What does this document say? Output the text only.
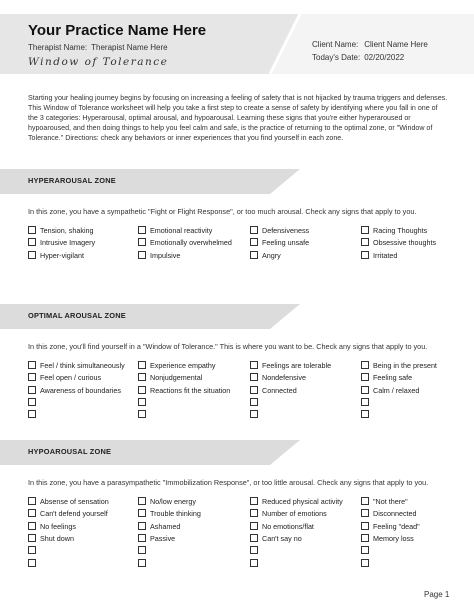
Your Practice Name Here
Therapist Name: Therapist Name Here
Window of Tolerance
Client Name: Client Name Here
Today's Date: 02/20/2022
Starting your healing journey begins by focusing on increasing a feeling of safety that is not hijacked by trauma triggers and defenses. This Window of Tolerance worksheet will help you take a first step to create a sense of safety by identifying where you fall in one of the 3 categories: Hyperarousal, optimal arousal, and hypoarousal. Learning these signs that you're either hyperaroused or hypoaroused, and then doing things to help you feel calm and safe, is the practice of returning to the optimal zone, or "Window of Tolerance." Directions: check any behaviors or inner experiences that you find yourself in each zone.
HYPERAROUSAL ZONE
In this zone, you have a sympathetic "Fight or Flight Response", or too much arousal. Check any signs that apply to you.
Tension, shaking
Intrusive Imagery
Hyper-vigilant
Emotional reactivity
Emotionally overwhelmed
Impulsive
Defensiveness
Feeling unsafe
Angry
Racing Thoughts
Obsessive thoughts
Irritated
OPTIMAL AROUSAL ZONE
In this zone, you'll find yourself in a "Window of Tolerance." This is where you want to be. Check any signs that apply to you.
Feel / think simultaneously
Feel open / curious
Awareness of boundaries
Experience empathy
Nonjudgemental
Reactions fit the situation
Feelings are tolerable
Nondefensive
Connected
Being in the present
Feeling safe
Calm / relaxed
HYPOAROUSAL ZONE
In this zone, you have a parasympathetic "Immobilization Response", or too little arousal. Check any signs that apply to you.
Absense of sensation
Can't defend yourself
No feelings
Shut down
No/low energy
Trouble thinking
Ashamed
Passive
Reduced physical activity
Number of emotions
No emotions/flat
Can't say no
"Not there"
Disconnected
Feeling "dead"
Memory loss
Page 1
